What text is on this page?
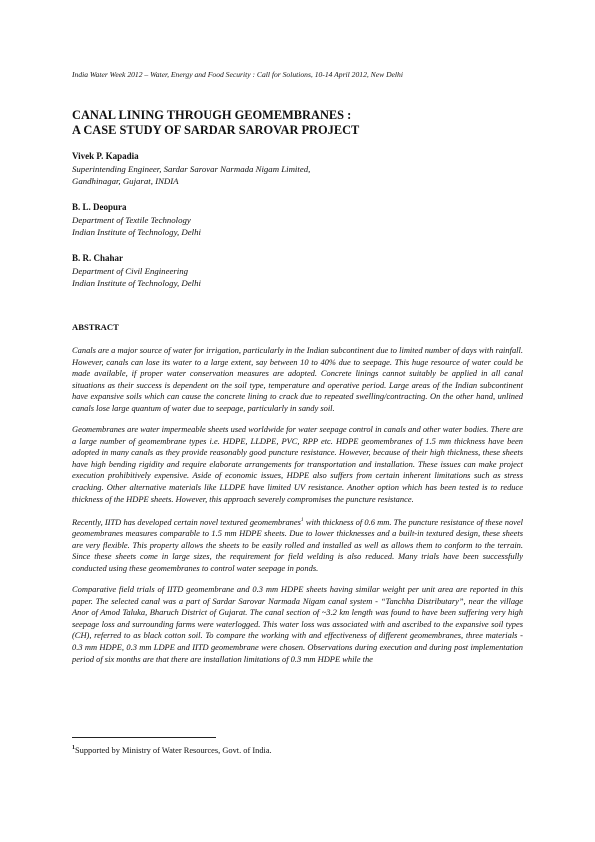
India Water Week 2012 – Water, Energy and Food Security : Call for Solutions, 10-14 April 2012, New Delhi
CANAL LINING THROUGH GEOMEMBRANES :
A CASE STUDY OF SARDAR SAROVAR PROJECT
Vivek P. Kapadia
Superintending Engineer, Sardar Sarovar Narmada Nigam Limited,
Gandhinagar, Gujarat, INDIA
B. L. Deopura
Department of Textile Technology
Indian Institute of Technology, Delhi
B. R. Chahar
Department of Civil Engineering
Indian Institute of Technology, Delhi
ABSTRACT

Canals are a major source of water for irrigation, particularly in the Indian subcontinent due to limited number of days with rainfall. However, canals can lose its water to a large extent, say between 10 to 40% due to seepage. This huge resource of water could be made available, if proper water conservation measures are adopted. Concrete linings cannot suitably be applied in all canal situations as their success is dependent on the soil type, temperature and operative period. Large areas of the Indian subcontinent have expansive soils which can cause the concrete lining to crack due to repeated swelling/contracting. On the other hand, unlined canals lose large quantum of water due to seepage, particularly in sandy soil.

Geomembranes are water impermeable sheets used worldwide for water seepage control in canals and other water bodies. There are a large number of geomembrane types i.e. HDPE, LLDPE, PVC, RPP etc. HDPE geomembranes of 1.5 mm thickness have been adopted in many canals as they provide reasonably good puncture resistance. However, because of their high thickness, these sheets have high bending rigidity and require elaborate arrangements for transportation and installation. These issues can make project execution prohibitively expensive. Aside of economic issues, HDPE also suffers from certain inherent limitations such as stress cracking. Other alternative materials like LLDPE have limited UV resistance. Another option which has been tested is to reduce thickness of the HDPE sheets. However, this approach severely compromises the puncture resistance.

Recently, IITD has developed certain novel textured geomembranes$^1$ with thickness of 0.6 mm. The puncture resistance of these novel geomembranes measures comparable to 1.5 mm HDPE sheets. Due to lower thicknesses and a built-in textured design, these sheets are very flexible. This property allows the sheets to be easily rolled and installed as well as allows them to conform to the terrain. Since these sheets come in large sizes, the requirement for field welding is also reduced. Many trials have been successfully conducted using these geomembranes to control water seepage in ponds.

Comparative field trials of IITD geomembrane and 0.3 mm HDPE sheets having similar weight per unit area are reported in this paper. The selected canal was a part of Sardar Sarovar Narmada Nigam canal system - “Tanchha Distributary”, near the village Anor of Amod Taluka, Bharuch District of Gujarat. The canal section of ~3.2 km length was found to have been suffering very high seepage loss and surrounding farms were waterlogged. This water loss was associated with and ascribed to the expansive soil types (CH), referred to as black cotton soil. To compare the working with and effectiveness of different geomembranes, three materials - 0.3 mm HDPE, 0.3 mm LDPE and IITD geomembrane were chosen. Observations during execution and during post implementation period of six months are that there are installation limitations of 0.3 mm HDPE while the

$^1$Supported by Ministry of Water Resources, Govt. of India.
